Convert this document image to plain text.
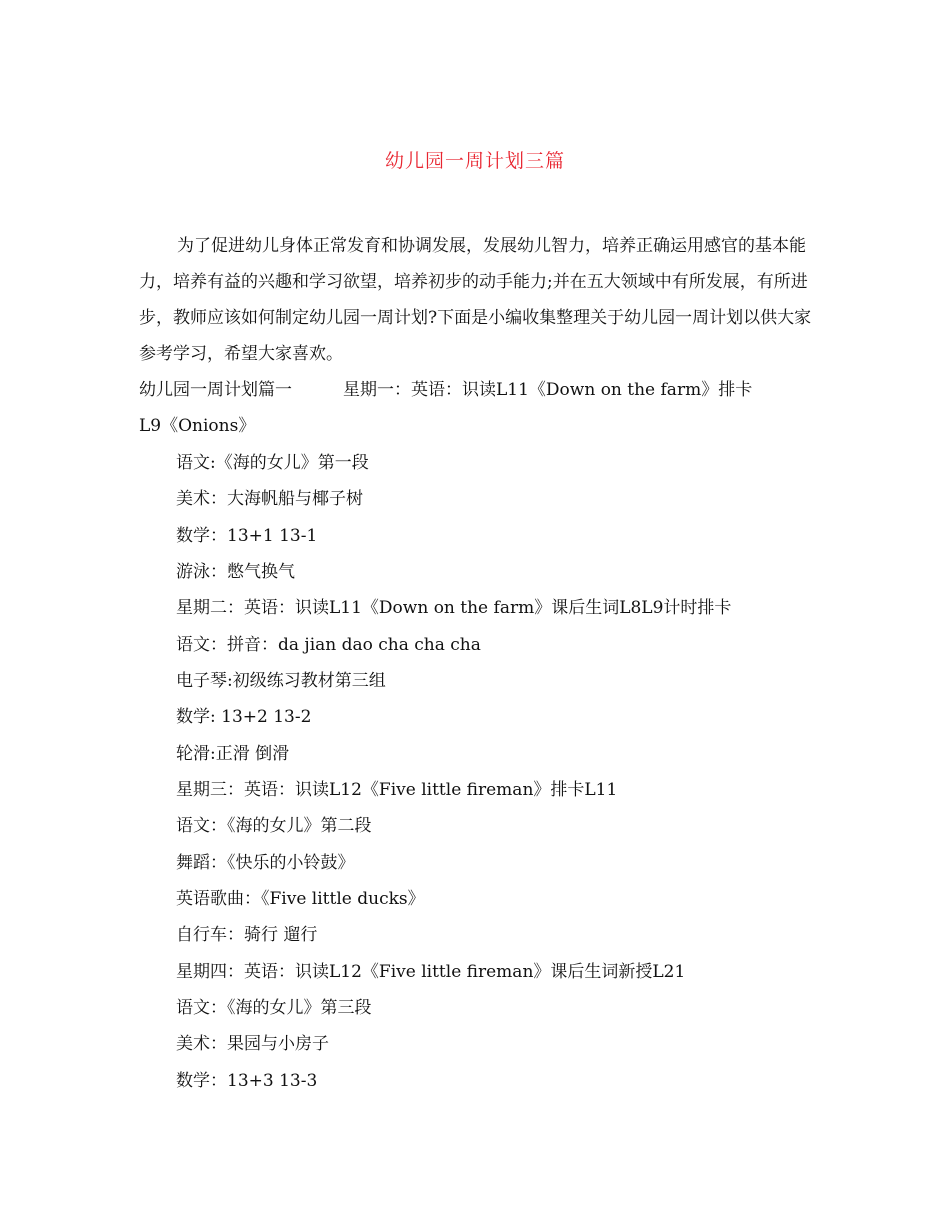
幼儿园一周计划三篇

为了促进幼儿身体正常发育和协调发展，发展幼儿智力，培养正确运用感官的基本能力，培养有益的兴趣和学习欲望，培养初步的动手能力;并在五大领域中有所发展，有所进步，教师应该如何制定幼儿园一周计划?下面是小编收集整理关于幼儿园一周计划以供大家参考学习，希望大家喜欢。

幼儿园一周计划篇一　　　星期一：英语：识读L11《Down on the farm》排卡
L9《Onions》
语文:《海的女儿》第一段
美术：大海帆船与椰子树
数学：13+1 13-1
游泳：憋气换气
星期二：英语：识读L11《Down on the farm》课后生词L8L9计时排卡
语文：拼音：da jian dao cha cha cha
电子琴:初级练习教材第三组
数学: 13+2 13-2
轮滑:正滑 倒滑
星期三：英语：识读L12《Five little fireman》排卡L11
语文：《海的女儿》第二段
舞蹈：《快乐的小铃鼓》
英语歌曲：《Five little ducks》
自行车：骑行 遛行
星期四：英语：识读L12《Five little fireman》课后生词新授L21
语文：《海的女儿》第三段
美术：果园与小房子
数学：13+3 13-3
